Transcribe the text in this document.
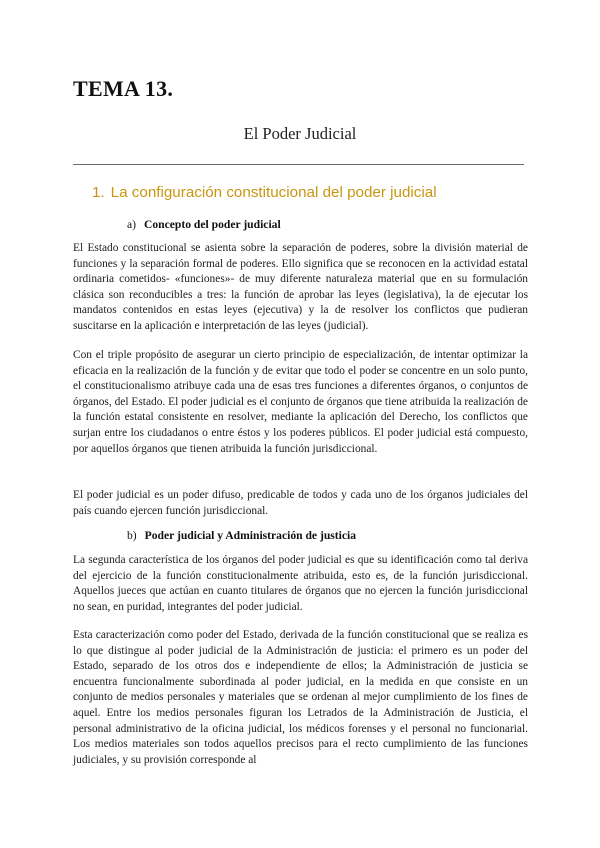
TEMA 13.
El Poder Judicial
1. La configuración constitucional del poder judicial
a) Concepto del poder judicial

El Estado constitucional se asienta sobre la separación de poderes, sobre la división material de funciones y la separación formal de poderes. Ello significa que se reconocen en la actividad estatal ordinaria cometidos- «funciones»- de muy diferente naturaleza material que en su formulación clásica son reconducibles a tres: la función de aprobar las leyes (legislativa), la de ejecutar los mandatos contenidos en estas leyes (ejecutiva) y la de resolver los conflictos que pudieran suscitarse en la aplicación e interpretación de las leyes (judicial).

Con el triple propósito de asegurar un cierto principio de especialización, de intentar optimizar la eficacia en la realización de la función y de evitar que todo el poder se concentre en un solo punto, el constitucionalismo atribuye cada una de esas tres funciones a diferentes órganos, o conjuntos de órganos, del Estado. El poder judicial es el conjunto de órganos que tiene atribuida la realización de la función estatal consistente en resolver, mediante la aplicación del Derecho, los conflictos que surjan entre los ciudadanos o entre éstos y los poderes públicos. El poder judicial está compuesto, por aquellos órganos que tienen atribuida la función jurisdiccional.

El poder judicial es un poder difuso, predicable de todos y cada uno de los órganos judiciales del país cuando ejercen función jurisdiccional.

b) Poder judicial y Administración de justicia

La segunda característica de los órganos del poder judicial es que su identificación como tal deriva del ejercicio de la función constitucionalmente atribuida, esto es, de la función jurisdiccional. Aquellos jueces que actúan en cuanto titulares de órganos que no ejercen la función jurisdiccional no sean, en puridad, integrantes del poder judicial.

Esta caracterización como poder del Estado, derivada de la función constitucional que se realiza es lo que distingue al poder judicial de la Administración de justicia: el primero es un poder del Estado, separado de los otros dos e independiente de ellos; la Administración de justicia se encuentra funcionalmente subordinada al poder judicial, en la medida en que consiste en un conjunto de medios personales y materiales que se ordenan al mejor cumplimiento de los fines de aquel. Entre los medios personales figuran los Letrados de la Administración de Justicia, el personal administrativo de la oficina judicial, los médicos forenses y el personal no funcionarial. Los medios materiales son todos aquellos precisos para el recto cumplimiento de las funciones judiciales, y su provisión corresponde al
